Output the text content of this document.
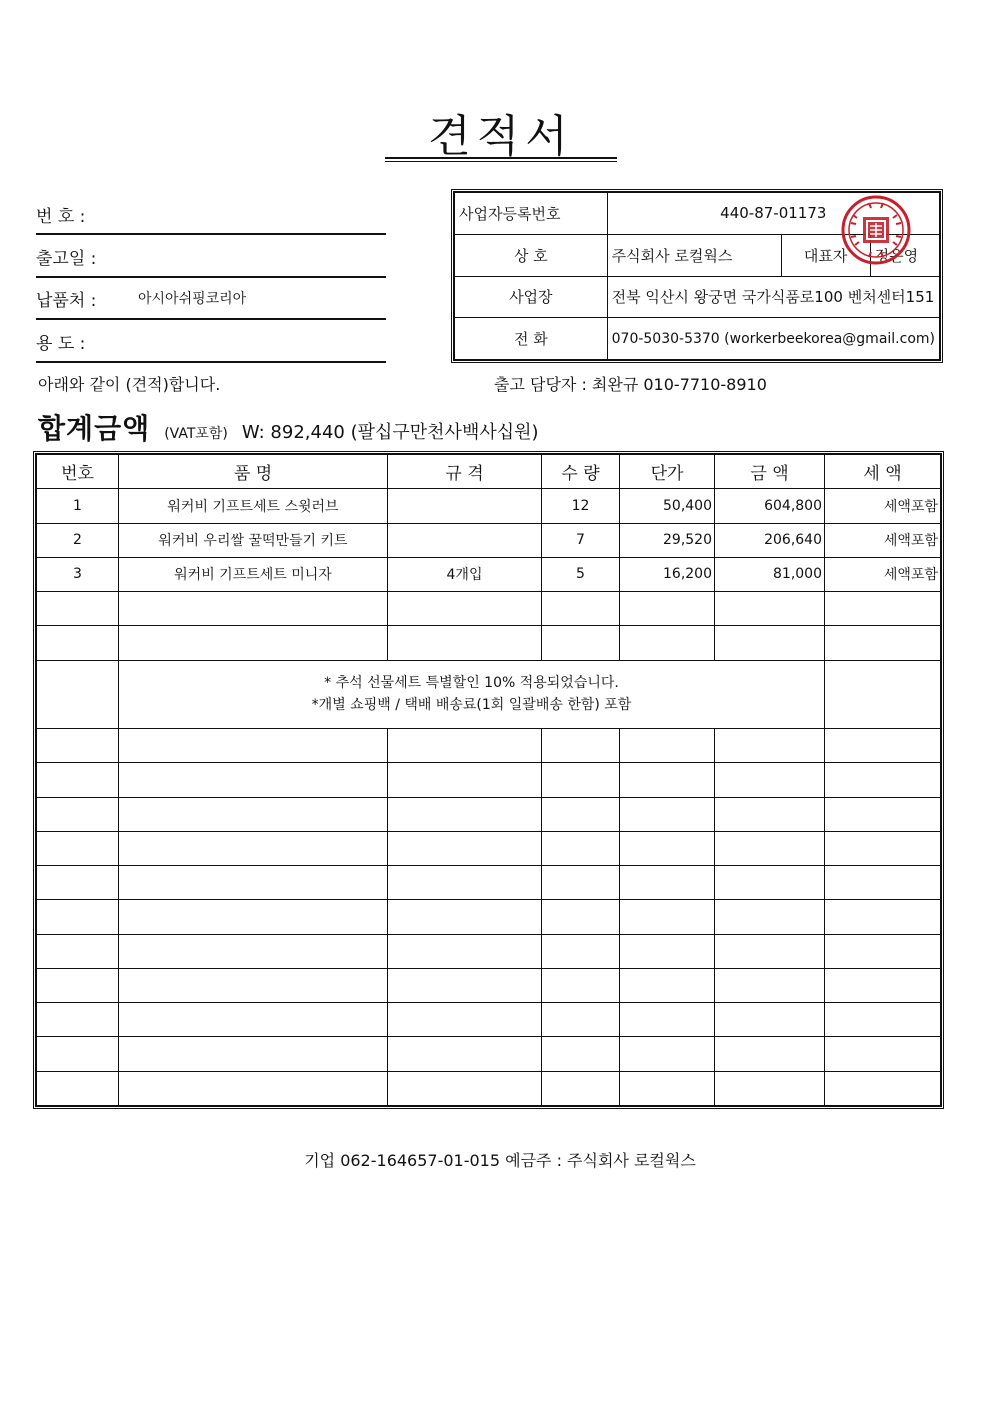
견적서
번 호 :
출고일 :
납품처 :	아시아쉬핑코리아
용 도 :
사업자등록번호	440-87-01173		
상 호	주식회사 로컬웍스	대표자	정은영
사업장	전북 익산시 왕궁면 국가식품로100 벤처센터151		
전 화	070-5030-5370 (workerbeekorea@gmail.com)		
아래와 같이 (견적)합니다.	출고 담당자 : 최완규 010-7710-8910
합계금액 (VAT포함) W: 892,440 (팔십구만천사백사십원)
번호	품 명	규 격	수 량	단가	금 액	세 액
1	워커비 기프트세트 스윗러브		12	50,400	604,800	세액포함
2	워커비 우리쌀 꿀떡만들기 키트		7	29,520	206,640	세액포함
3	워커비 기프트세트 미니자	4개입	5	16,200	81,000	세액포함

	* 추석 선물세트 특별할인 10% 적용되었습니다.
*개별 쇼핑백 / 택배 배송료(1회 일괄배송 한함) 포함					

기업 062-164657-01-015 예금주 : 주식회사 로컬웍스
